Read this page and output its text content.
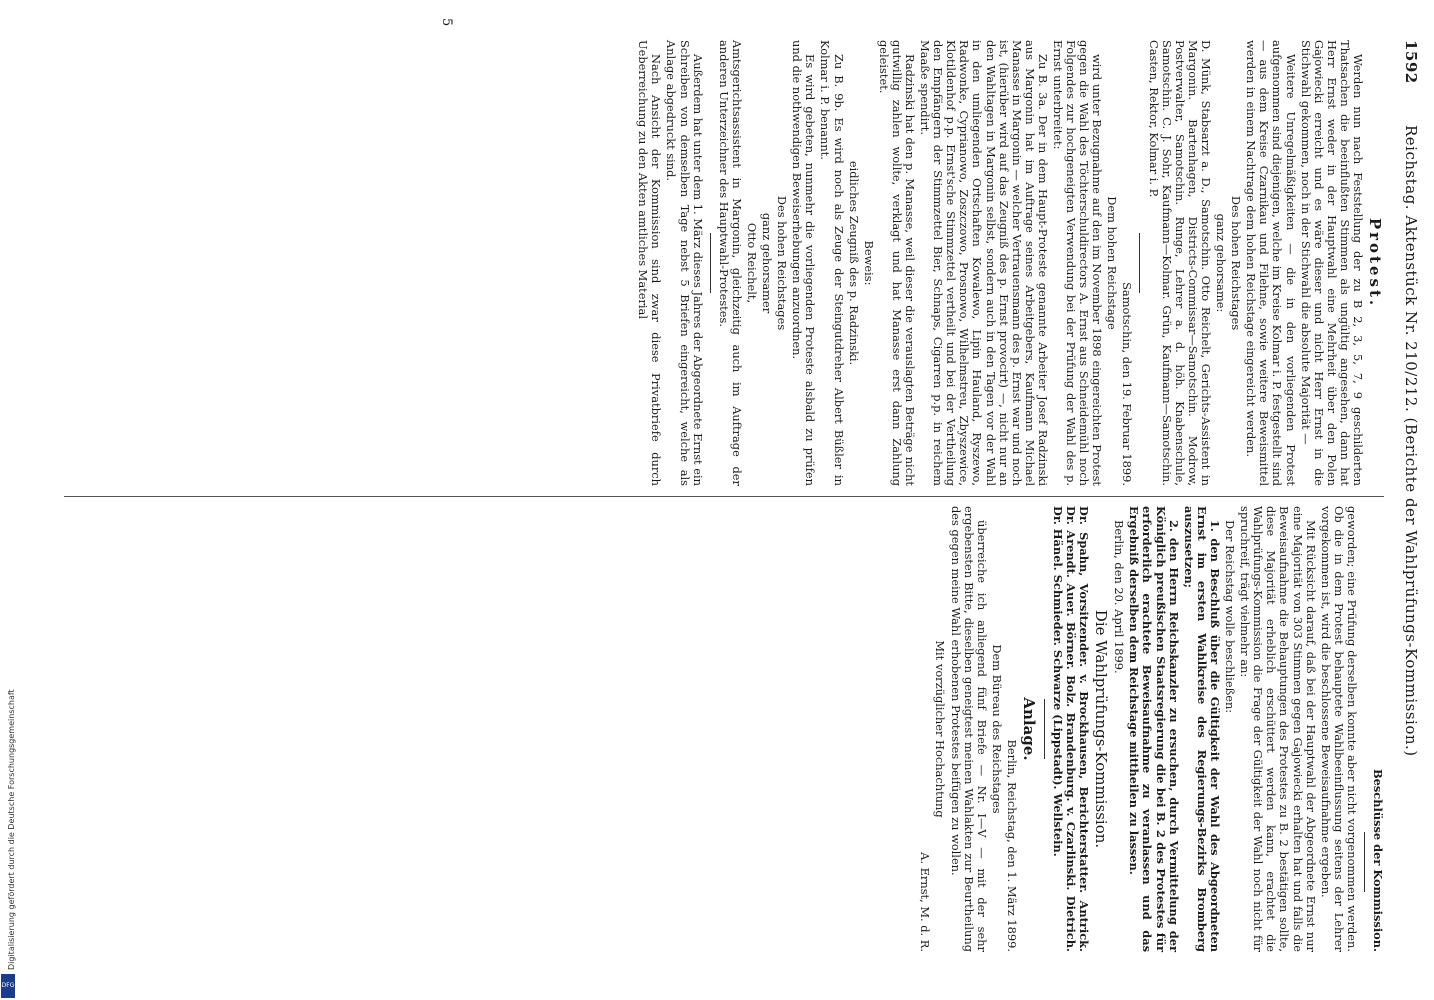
1592
Reichstag. Aktenstück Nr. 210/212. (Berichte der Wahlprüfungs-Kommission.)
5

Protest.

Werden nun nach Feststellung der zu B 2, 3, 5, 7, 9 geschilderten Thatsachen die beeinflußten Stimmen als ungültig angesehen, dann hat Herr Ernst weder in der Hauptwahl eine Mehrheit über den Polen Gajowiecki erreicht und es wäre dieser und nicht Herr Ernst in die Stichwahl gekommen, noch in der Stichwahl die absolute Majorität —

Weitere Unregelmäßigkeiten — die in den vorliegenden Protest aufgenommen sind diejenigen, welche im Kreise Kolmar i. P. festgestellt sind — aus dem Kreise Czarnikau und Filehne, sowie weitere Beweismittel werden in einem Nachtrage dem hohen Reichstage eingereicht werden.

Des hohen Reichstages

ganz gehorsame:

D. Münk, Stabsarzt a. D., Samotschin. Otto Reichelt, Gerichts-Assistent in Margonin. Bartenhagen, Districts-Commissar—Samotschin. Modrow, Postverwalter, Samotschin. Runge, Lehrer a. d. höh. Knabenschule, Samotschin. C. J. Sohr, Kaufmann—Kolmar. Grün, Kaufmann—Samotschin. Casten, Rektor, Kolmar i. P.

Samotschin, den 19. Februar 1899.

Dem hohen Reichstage

wird unter Bezugnahme auf den im November 1898 eingereichten Protest gegen die Wahl des Töchterschuldirectors A. Ernst aus Schneidemühl noch Folgendes zur hochgeneigten Verwendung bei der Prüfung der Wahl des p. Ernst unterbreitet:

Zu B. 3a. Der in dem Haupt-Proteste genannte Arbeiter Josef Radzinski aus Margonin hat im Auftrage seines Arbeitgebers, Kaufmann Michael Manasse in Margonin — welcher Vertrauensmann des p. Ernst war und noch ist, (hierüber wird auf das Zeugniß des p. Ernst provocirt) —, nicht nur an den Wahltagen in Margonin selbst, sondern auch in den Tagen vor der Wahl in den umliegenden Ortschaften Kowalewo, Lipin Hauland, Ryszewo, Radwonke, Cyprianowo, Zoszczowo, Prosnowo, Wilhelmstreu, Zbyszewice, Klotildenhof p.p. Ernst'sche Stimmzettel vertheilt und bei der Vertheilung den Empfängern der Stimmzettel Bier, Schnaps, Cigarren p.p. in reichem Maaße spendirt.

Radzinski hat den p. Manasse, weil dieser die verauslagten Beträge nicht gutwillig zahlen wollte, verklagt und hat Manasse erst dann Zahlung geleistet.

Beweis:

eidliches Zeugniß des p. Radzinski.

Zu B. 9b. Es wird noch als Zeuge der Steingutdreher Albert Büßler in Kolmar i. P. benannt.

Es wird gebeten, nunmehr die vorliegenden Proteste alsbald zu prüfen und die nothwendigen Beweiserhebungen anzuordnen.

Des hohen Reichstages

ganz gehorsamer

Otto Reichelt,

Amtsgerichtsassistent in Margonin, gleichzeitig auch im Auftrage der anderen Unterzeichner des Hauptwahl-Protestes.

Außerdem hat unter dem 1. März dieses Jahres der Abgeordnete Ernst ein Schreiben von demselben Tage nebst 5 Briefen eingereicht, welche als Anlage abgedruckt sind.

Nach Ansicht der Kommission sind zwar diese Privatbriefe durch Ueberreichung zu den Akten amtliches Material

Beschlüsse der Kommission.

geworden; eine Prüfung derselben konnte aber nicht vorgenommen werden. Ob die in dem Protest behauptete Wahlbeeinflussung seitens der Lehrer vorgekommen ist, wird die beschlossene Beweisaufnahme ergeben.

Mit Rücksicht darauf, daß bei der Hauptwahl der Abgeordnete Ernst nur eine Majorität von 303 Stimmen gegen Gajowiecki erhalten hat und falls die Beweisaufnahme die Behauptungen des Protestes zu B. 2 bestätigen sollte, diese Majorität erheblich erschüttert werden kann, erachtet die Wahlprüfungs-Kommission die Frage der Gültigkeit der Wahl noch nicht für spruchreif, trägt vielmehr an:

Der Reichstag wolle beschließen:

1. den Beschluß über die Gültigkeit der Wahl des Abgeordneten Ernst im ersten Wahlkreise des Regierungs-Bezirks Bromberg auszusetzen;

2. den Herrn Reichskanzler zu ersuchen, durch Vermittelung der Königlich preußischen Staatsregierung die bei B. 2 des Protestes für erforderlich erachtete Beweisaufnahme zu veranlassen und das Ergebniß derselben dem Reichstage mittheilen zu lassen.

Berlin, den 20. April 1899.

Die Wahlprüfungs-Kommission.

Dr. Spahn, Vorsitzender. v. Brockhausen, Berichterstatter. Antrick. Dr. Arendt. Auer. Börner. Bolz. Brandenburg. v. Czarlinski. Dietrich. Dr. Hänel. Schmieder. Schwarze (Lippstadt). Wellstein.

Anlage.

Berlin, Reichstag, den 1. März 1899.

Dem Büreau des Reichstages

überreiche ich anliegend fünf Briefe — Nr. I—V — mit der sehr ergebensten Bitte, dieselben geneigtest meinen Wahlakten zur Beurtheilung des gegen meine Wahl erhobenen Protestes beifügen zu wollen.

Mit vorzüglicher Hochachtung

A. Ernst, M. d. R.

Digitalisierung gefördert durch die Deutsche Forschungsgemeinschaft
DFG
